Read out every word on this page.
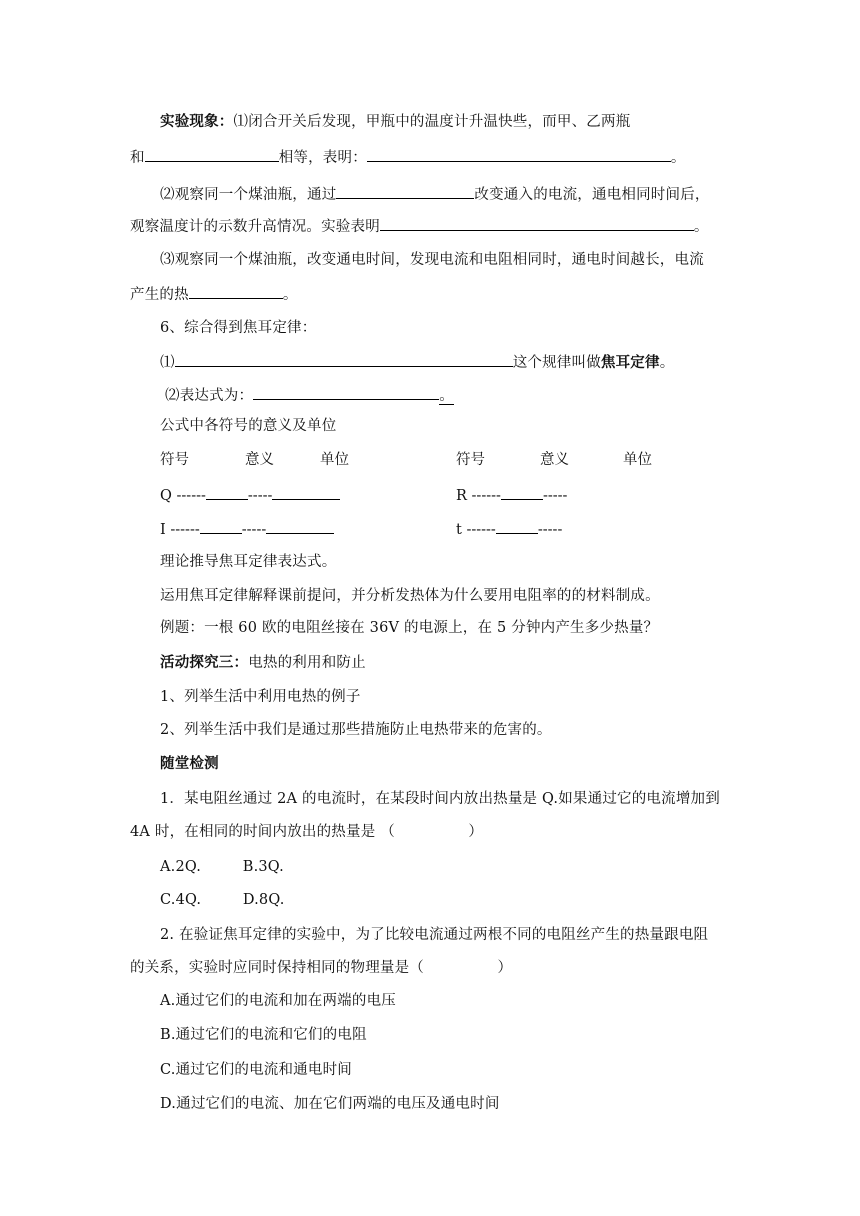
实验现象：⑴闭合开关后发现，甲瓶中的温度计升温快些，而甲、乙两瓶
和	相等，表明：	。
⑵观察同一个煤油瓶，通过	改变通入的电流，通电相同时间后，
观察温度计的示数升高情况。实验表明	。
⑶观察同一个煤油瓶，改变通电时间，发现电流和电阻相同时，通电时间越长，电流
产生的热	。
6、综合得到焦耳定律：
⑴	这个规律叫做焦耳定律。
⑵表达式为：	。
公式中各符号的意义及单位
符号	意义	单位	符号	意义	单位
Q ------	-----	R ------	-----
I ------	-----	t ------	-----
理论推导焦耳定律表达式。
运用焦耳定律解释课前提问，并分析发热体为什么要用电阻率的的材料制成。
例题：一根 60 欧的电阻丝接在 36V 的电源上，在 5 分钟内产生多少热量？
活动探究三：电热的利用和防止
1、列举生活中利用电热的例子
2、列举生活中我们是通过那些措施防止电热带来的危害的。
随堂检测
1．某电阻丝通过 2A 的电流时，在某段时间内放出热量是 Q.如果通过它的电流增加到
4A 时，在相同的时间内放出的热量是 （　　　　　）
A.2Q.	B.3Q.
C.4Q.	D.8Q.
2. 在验证焦耳定律的实验中，为了比较电流通过两根不同的电阻丝产生的热量跟电阻
的关系，实验时应同时保持相同的物理量是（　　　　　）
A.通过它们的电流和加在两端的电压
B.通过它们的电流和它们的电阻
C.通过它们的电流和通电时间
D.通过它们的电流、加在它们两端的电压及通电时间
